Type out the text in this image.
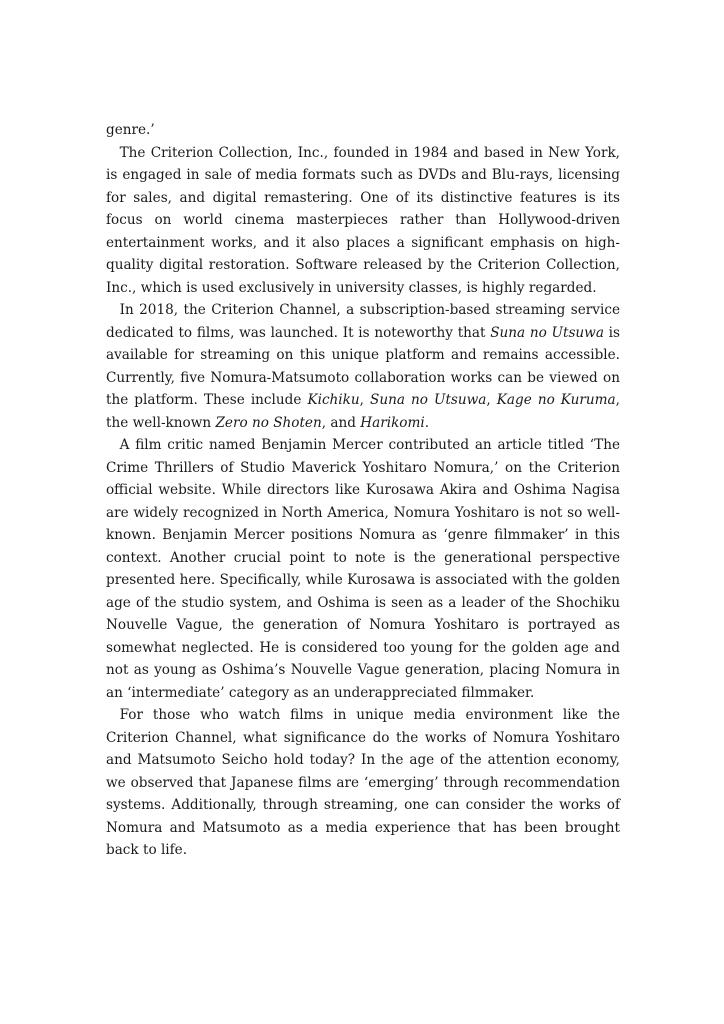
genre.’

The Criterion Collection, Inc., founded in 1984 and based in New York, is engaged in sale of media formats such as DVDs and Blu-rays, licensing for sales, and digital remastering. One of its distinctive features is its focus on world cinema masterpieces rather than Hollywood-driven entertainment works, and it also places a significant emphasis on high-quality digital restoration. Software released by the Criterion Collection, Inc., which is used exclusively in university classes, is highly regarded.

In 2018, the Criterion Channel, a subscription-based streaming service dedicated to films, was launched. It is noteworthy that Suna no Utsuwa is available for streaming on this unique platform and remains accessible. Currently, five Nomura-Matsumoto collaboration works can be viewed on the platform. These include Kichiku, Suna no Utsuwa, Kage no Kuruma, the well-known Zero no Shoten, and Harikomi.

A film critic named Benjamin Mercer contributed an article titled ‘The Crime Thrillers of Studio Maverick Yoshitaro Nomura,’ on the Criterion official website. While directors like Kurosawa Akira and Oshima Nagisa are widely recognized in North America, Nomura Yoshitaro is not so well-known. Benjamin Mercer positions Nomura as ‘genre filmmaker’ in this context. Another crucial point to note is the generational perspective presented here. Specifically, while Kurosawa is associated with the golden age of the studio system, and Oshima is seen as a leader of the Shochiku Nouvelle Vague, the generation of Nomura Yoshitaro is portrayed as somewhat neglected. He is considered too young for the golden age and not as young as Oshima’s Nouvelle Vague generation, placing Nomura in an ‘intermediate’ category as an underappreciated filmmaker.

For those who watch films in unique media environment like the Criterion Channel, what significance do the works of Nomura Yoshitaro and Matsumoto Seicho hold today? In the age of the attention economy, we observed that Japanese films are ‘emerging’ through recommendation systems. Additionally, through streaming, one can consider the works of Nomura and Matsumoto as a media experience that has been brought back to life.
